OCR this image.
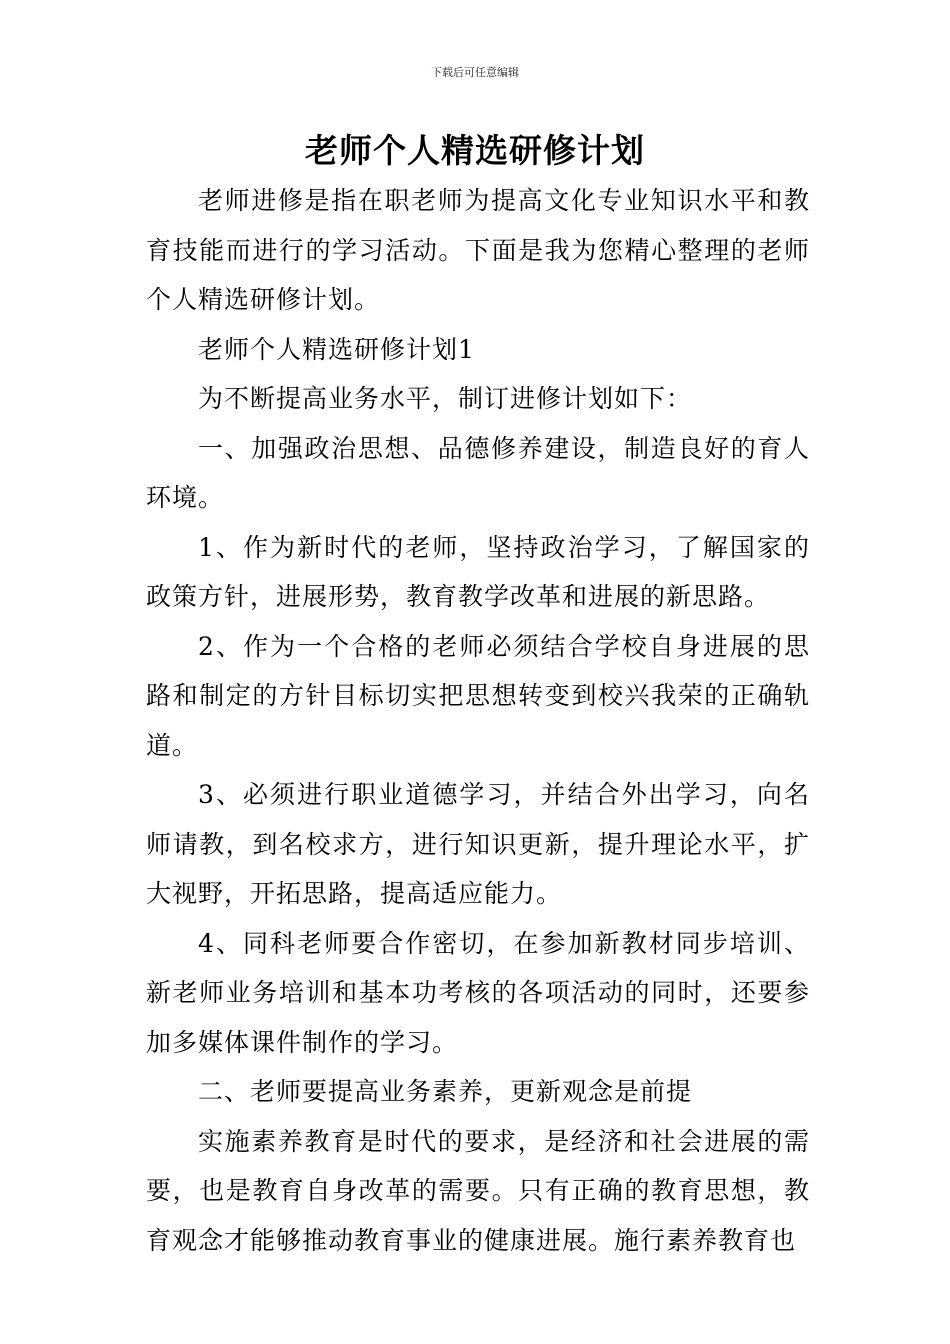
下载后可任意编辑
老师个人精选研修计划

老师进修是指在职老师为提高文化专业知识水平和教育技能而进行的学习活动。下面是我为您精心整理的老师个人精选研修计划。

老师个人精选研修计划1

为不断提高业务水平，制订进修计划如下：

一、加强政治思想、品德修养建设，制造良好的育人环境。

1、作为新时代的老师，坚持政治学习，了解国家的政策方针，进展形势，教育教学改革和进展的新思路。

2、作为一个合格的老师必须结合学校自身进展的思路和制定的方针目标切实把思想转变到校兴我荣的正确轨道。

3、必须进行职业道德学习，并结合外出学习，向名师请教，到名校求方，进行知识更新，提升理论水平，扩大视野，开拓思路，提高适应能力。

4、同科老师要合作密切，在参加新教材同步培训、新老师业务培训和基本功考核的各项活动的同时，还要参加多媒体课件制作的学习。

二、老师要提高业务素养，更新观念是前提

实施素养教育是时代的要求，是经济和社会进展的需要，也是教育自身改革的需要。只有正确的教育思想，教育观念才能够推动教育事业的健康进展。施行素养教育也
